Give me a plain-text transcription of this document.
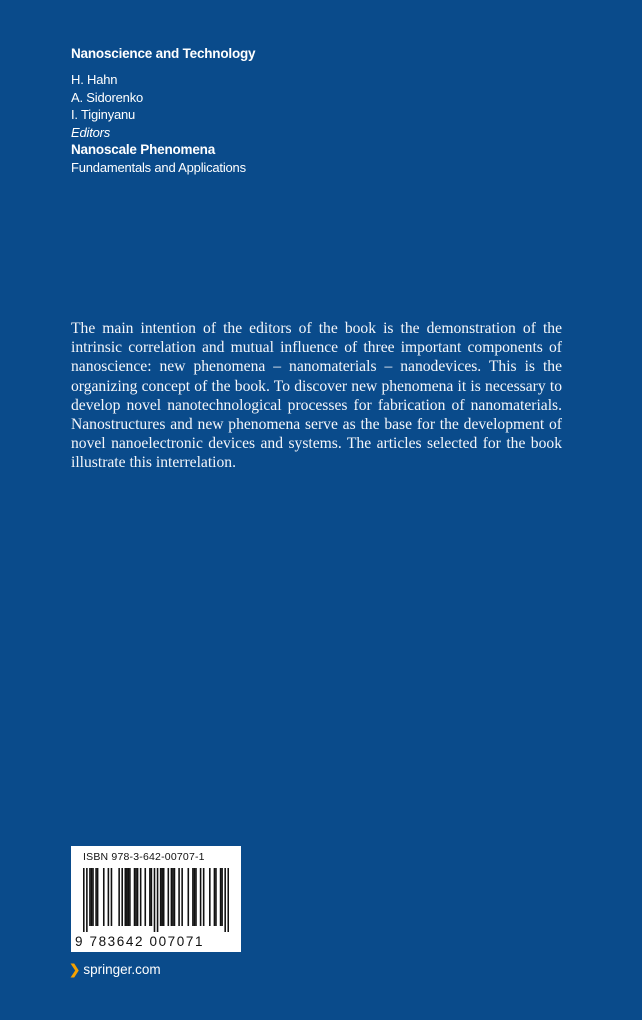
Nanoscience and Technology
H. Hahn
A. Sidorenko
I. Tiginyanu
Editors
Nanoscale Phenomena
Fundamentals and Applications
The main intention of the editors of the book is the demonstration of the intrinsic correlation and mutual influence of three important components of nanoscience: new phenomena – nanomaterials – nanodevices. This is the organizing concept of the book. To discover new phenomena it is necessary to develop novel nanotechnological processes for fabrication of nanomaterials. Nanostructures and new phenomena serve as the base for the development of novel nanoelectronic devices and systems. The articles selected for the book illustrate this interrelation.
ISBN 978-3-642-00707-1
9 783642 007071
❯ springer.com
